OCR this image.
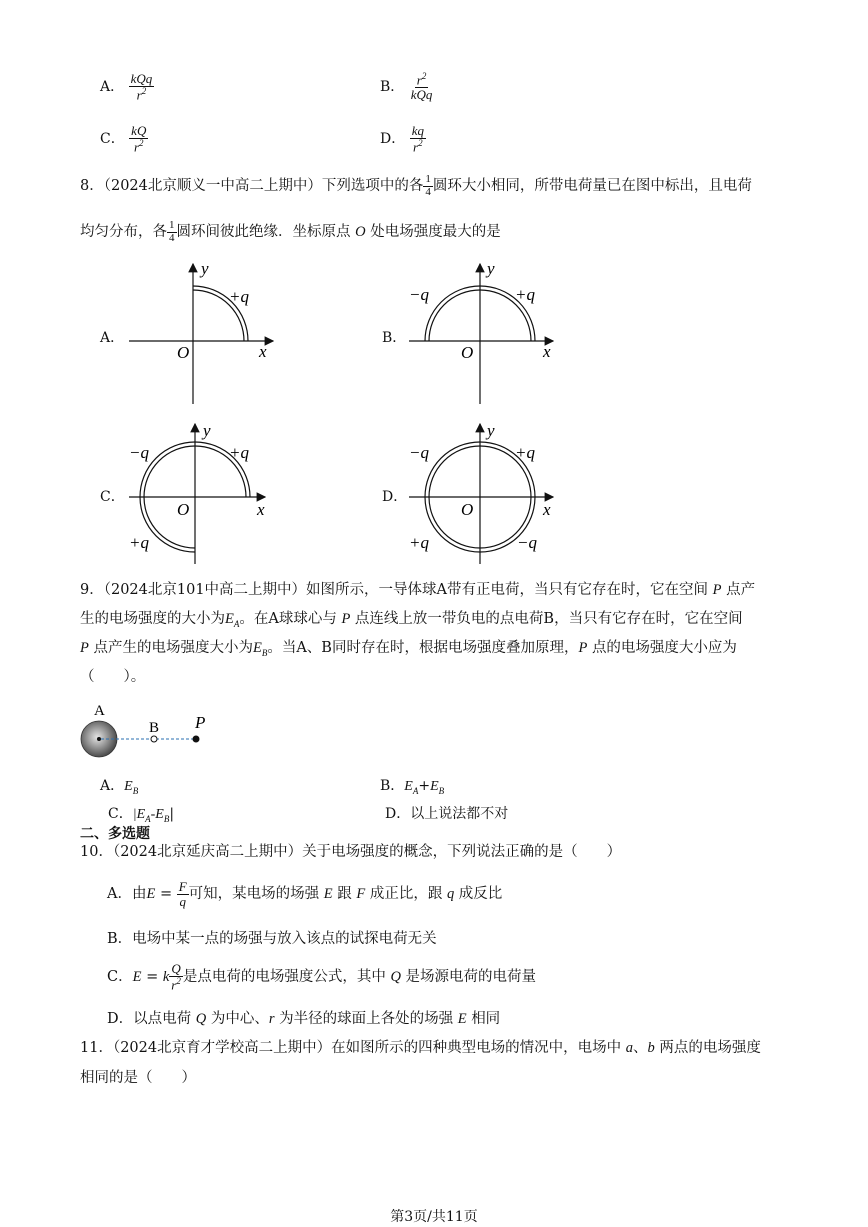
A． $\frac{\text{kQq}}{r^2}$	B． $\frac{r^2}{\text{kQq}}$
C． $\frac{kQ}{r^2}$	D． $\frac{kq}{r^2}$
8．（2024北京顺义一中高二上期中）下列选项中的各 $\frac{1}{4}$ 圆环大小相同，所带电荷量已在图中标出，且电荷
均匀分布，各 $\frac{1}{4}$ 圆环间彼此绝缘．坐标原点 O 处电场强度最大的是
A．
y
x
O
+q
B．
y
x
O
−q	+q
C．
y
x
O
−q	+q
+q
D．
y
x
O
−q	+q
+q	−q
9．（2024北京101中高二上期中）如图所示，一导体球A带有正电荷，当只有它存在时，它在空间 P 点产
生的电场强度的大小为$E_A$。在A球球心与 P 点连线上放一带负电的点电荷B，当只有它存在时，它在空间
P 点产生的电场强度大小为$E_B$。当A、B同时存在时，根据电场强度叠加原理，P 点的电场强度大小应为
（　　）。
A
B P
A．$E_B$	B．$E_A+E_B$
C．$|E_A-E_B|$	D．以上说法都不对
二、多选题
10．（2024北京延庆高二上期中）关于电场强度的概念，下列说法正确的是（　　）
A．由$E = \frac{F}{q}$ 可知，某电场的场强 E 跟 F 成正比，跟 q 成反比
B．电场中某一点的场强与放入该点的试探电荷无关
C．E = k $\frac{Q}{r^2}$ 是点电荷的电场强度公式，其中 Q 是场源电荷的电荷量
D．以点电荷 Q 为中心、r 为半径的球面上各处的场强 E 相同
11．（2024北京育才学校高二上期中）在如图所示的四种典型电场的情况中，电场中 a、b 两点的电场强度
相同的是（　　）
第3页/共11页
